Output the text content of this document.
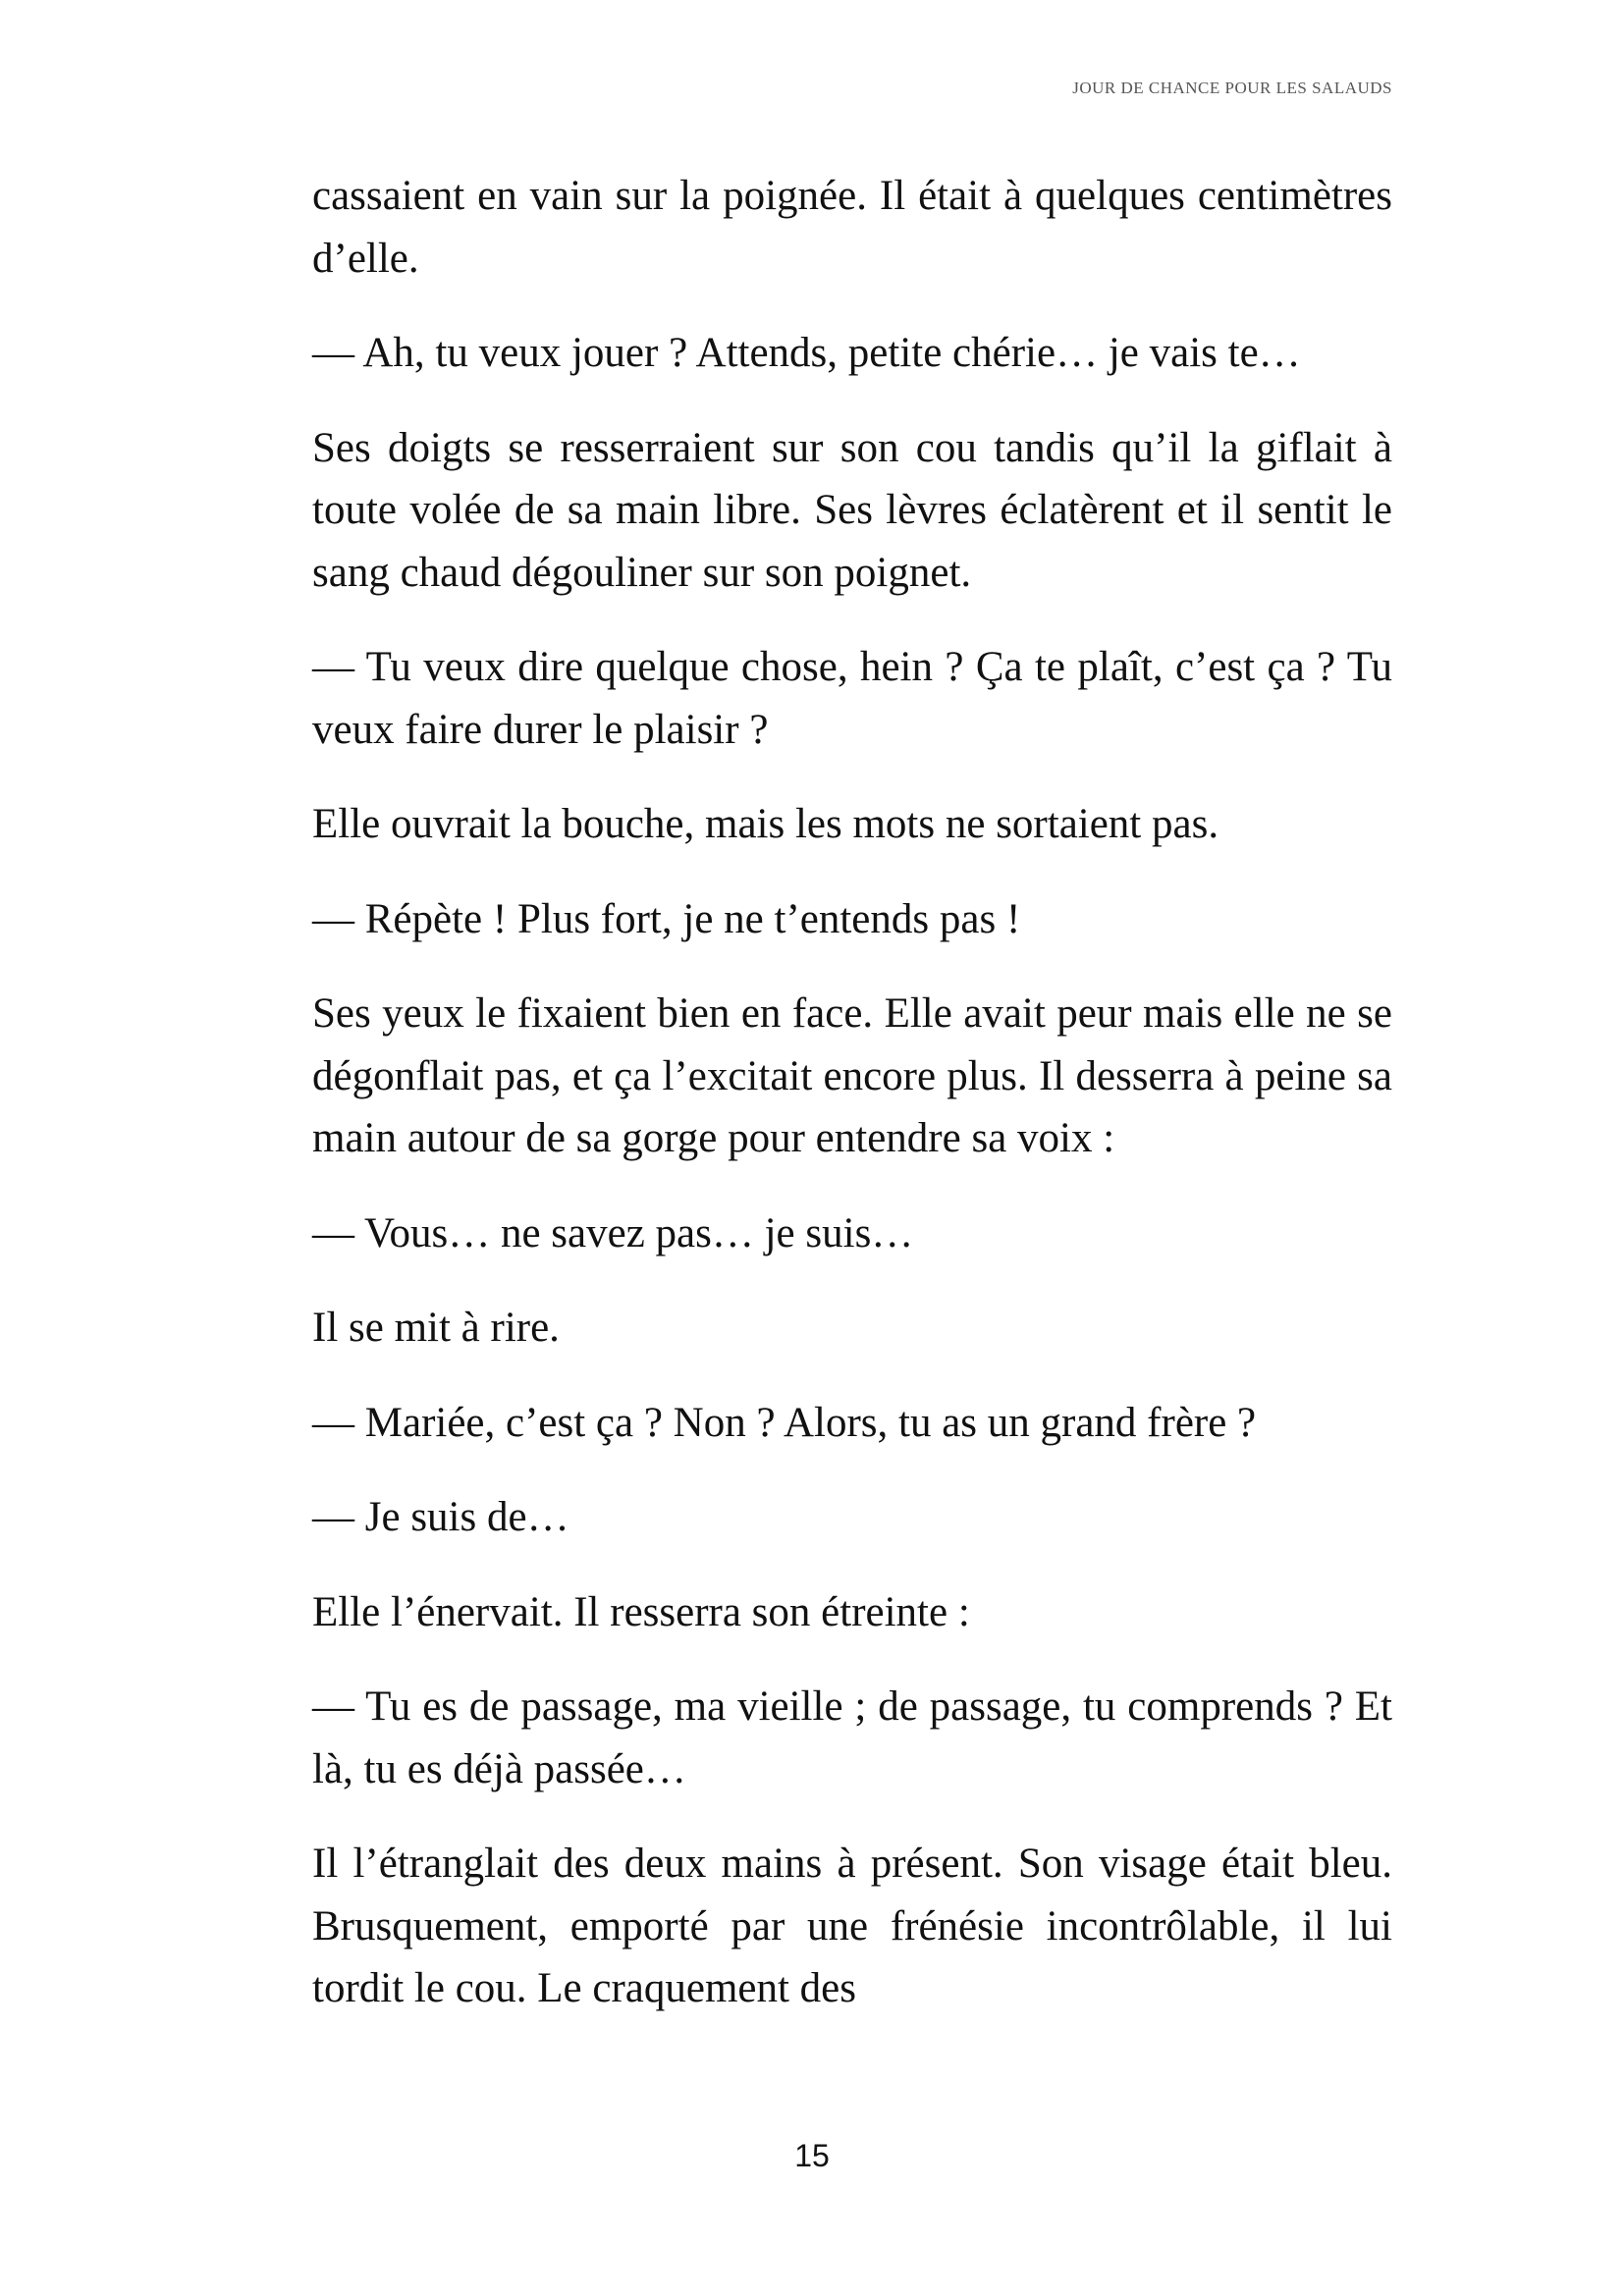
JOUR DE CHANCE POUR LES SALAUDS

cassaient en vain sur la poignée. Il était à quelques centimètres d’elle.

— Ah, tu veux jouer ? Attends, petite chérie… je vais te…

Ses doigts se resserraient sur son cou tandis qu’il la giflait à toute volée de sa main libre. Ses lèvres éclatèrent et il sentit le sang chaud dégouliner sur son poignet.

— Tu veux dire quelque chose, hein ? Ça te plaît, c’est ça ? Tu veux faire durer le plaisir ?

Elle ouvrait la bouche, mais les mots ne sortaient pas.

— Répète ! Plus fort, je ne t’entends pas !

Ses yeux le fixaient bien en face. Elle avait peur mais elle ne se dégonflait pas, et ça l’excitait encore plus. Il desserra à peine sa main autour de sa gorge pour entendre sa voix :

— Vous… ne savez pas… je suis…

Il se mit à rire.

— Mariée, c’est ça ? Non ? Alors, tu as un grand frère ?

— Je suis de…

Elle l’énervait. Il resserra son étreinte :

— Tu es de passage, ma vieille ; de passage, tu comprends ? Et là, tu es déjà passée…

Il l’étranglait des deux mains à présent. Son visage était bleu. Brusquement, emporté par une frénésie incontrôlable, il lui tordit le cou. Le craquement des

15
